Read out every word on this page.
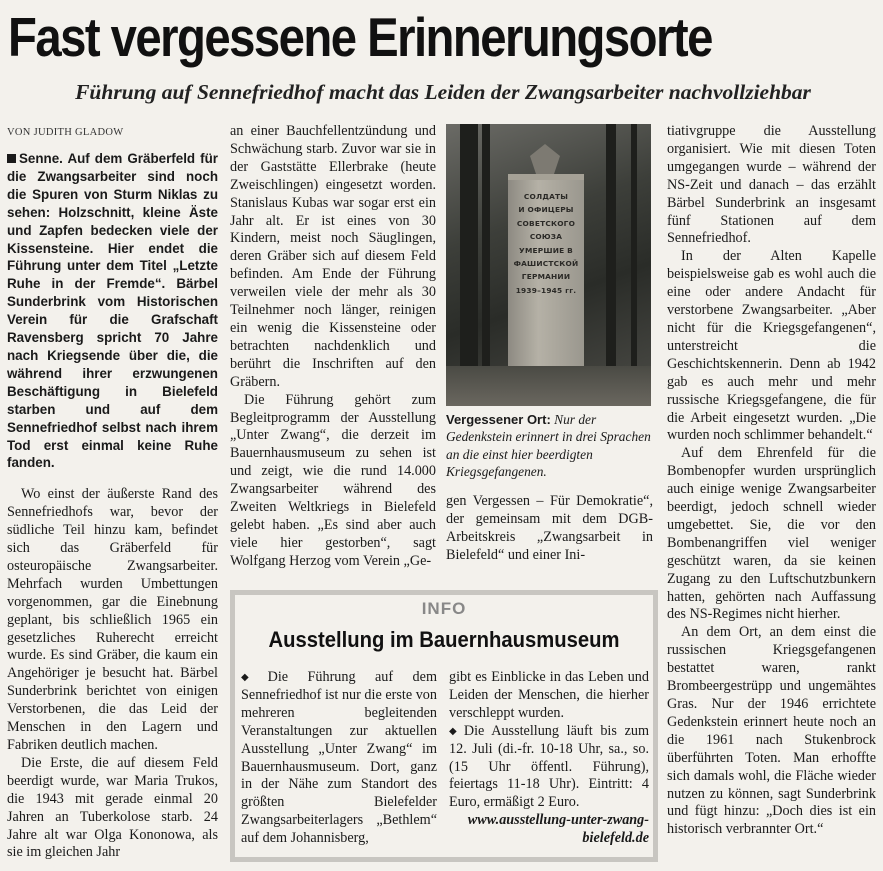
Fast vergessene Erinnerungsorte
Führung auf Sennefriedhof macht das Leiden der Zwangsarbeiter nachvollziehbar
VON JUDITH GLADOW

Senne. Auf dem Gräberfeld für die Zwangsarbeiter sind noch die Spuren von Sturm Niklas zu sehen: Holzschnitt, kleine Äste und Zapfen bedecken viele der Kissensteine. Hier endet die Führung unter dem Titel „Letzte Ruhe in der Fremde“. Bärbel Sunderbrink vom Historischen Verein für die Grafschaft Ravensberg spricht 70 Jahre nach Kriegsende über die, die während ihrer erzwungenen Beschäftigung in Bielefeld starben und auf dem Sennefriedhof selbst nach ihrem Tod erst einmal keine Ruhe fanden.

Wo einst der äußerste Rand des Sennefriedhofs war, bevor der südliche Teil hinzu kam, befindet sich das Gräberfeld für osteuropäische Zwangsarbeiter. Mehrfach wurden Umbettungen vorgenommen, gar die Einebnung geplant, bis schließlich 1965 ein gesetzliches Ruherecht erreicht wurde. Es sind Gräber, die kaum ein Angehöriger je besucht hat. Bärbel Sunderbrink berichtet von einigen Verstorbenen, die das Leid der Menschen in den Lagern und Fabriken deutlich machen.

Die Erste, die auf diesem Feld beerdigt wurde, war Maria Trukos, die 1943 mit gerade einmal 20 Jahren an Tuberkolose starb. 24 Jahre alt war Olga Kononowa, als sie im gleichen Jahr

an einer Bauchfellentzündung und Schwächung starb. Zuvor war sie in der Gaststätte Ellerbrake (heute Zweischlingen) eingesetzt worden. Stanislaus Kubas war sogar erst ein Jahr alt. Er ist eines von 30 Kindern, meist noch Säuglingen, deren Gräber sich auf diesem Feld befinden. Am Ende der Führung verweilen viele der mehr als 30 Teilnehmer noch länger, reinigen ein wenig die Kissensteine oder betrachten nachdenklich und berührt die Inschriften auf den Gräbern.

Die Führung gehört zum Begleitprogramm der Ausstellung „Unter Zwang“, die derzeit im Bauernhausmuseum zu sehen ist und zeigt, wie die rund 14.000 Zwangsarbeiter während des Zweiten Weltkriegs in Bielefeld gelebt haben. „Es sind aber auch viele hier gestorben“, sagt Wolfgang Herzog vom Verein „Ge-

СОЛДАТЫ
И ОФИЦЕРЫ
СОВЕТСКОГО СОЮЗА
УМЕРШИЕ В
ФАШИСТСКОЙ
ГЕРМАНИИ
1939–1945 гг.
Vergessener Ort: Nur der Gedenkstein erinnert in drei Sprachen an die einst hier beerdigten Kriegsgefangenen.

gen Vergessen – Für Demokratie“, der gemeinsam mit dem DGB-Arbeitskreis „Zwangsarbeit in Bielefeld“ und einer Ini-

tiativgruppe die Ausstellung organisiert. Wie mit diesen Toten umgegangen wurde – während der NS-Zeit und danach – das erzählt Bärbel Sunderbrink an insgesamt fünf Stationen auf dem Sennefriedhof.

In der Alten Kapelle beispielsweise gab es wohl auch die eine oder andere Andacht für verstorbene Zwangsarbeiter. „Aber nicht für die Kriegsgefangenen“, unterstreicht die Geschichtskennerin. Denn ab 1942 gab es auch mehr und mehr russische Kriegsgefangene, die für die Arbeit eingesetzt wurden. „Die wurden noch schlimmer behandelt.“

Auf dem Ehrenfeld für die Bombenopfer wurden ursprünglich auch einige wenige Zwangsarbeiter beerdigt, jedoch schnell wieder umgebettet. Sie, die vor den Bombenangriffen viel weniger geschützt waren, da sie keinen Zugang zu den Luftschutzbunkern hatten, gehörten nach Auffassung des NS-Regimes nicht hierher.

An dem Ort, an dem einst die russischen Kriegsgefangenen bestattet waren, rankt Brombeergestrüpp und ungemähtes Gras. Nur der 1946 errichtete Gedenkstein erinnert heute noch an die 1961 nach Stukenbrock überführten Toten. Man erhoffte sich damals wohl, die Fläche wieder nutzen zu können, sagt Sunderbrink und fügt hinzu: „Doch dies ist ein historisch verbrannter Ort.“

INFO
Ausstellung im Bauernhausmuseum

◆ Die Führung auf dem Sennefriedhof ist nur die erste von mehreren begleitenden Veranstaltungen zur aktuellen Ausstellung „Unter Zwang“ im Bauernhausmuseum. Dort, ganz in der Nähe zum Standort des größten Bielefelder Zwangsarbeiterlagers „Bethlem“ auf dem Johannisberg,

gibt es Einblicke in das Leben und Leiden der Menschen, die hierher verschleppt wurden.

◆ Die Ausstellung läuft bis zum 12. Juli (di.-fr. 10-18 Uhr, sa., so. (15 Uhr öffentl. Führung), feiertags 11-18 Uhr). Eintritt: 4 Euro, ermäßigt 2 Euro.

www.ausstellung-unter-zwang-bielefeld.de
